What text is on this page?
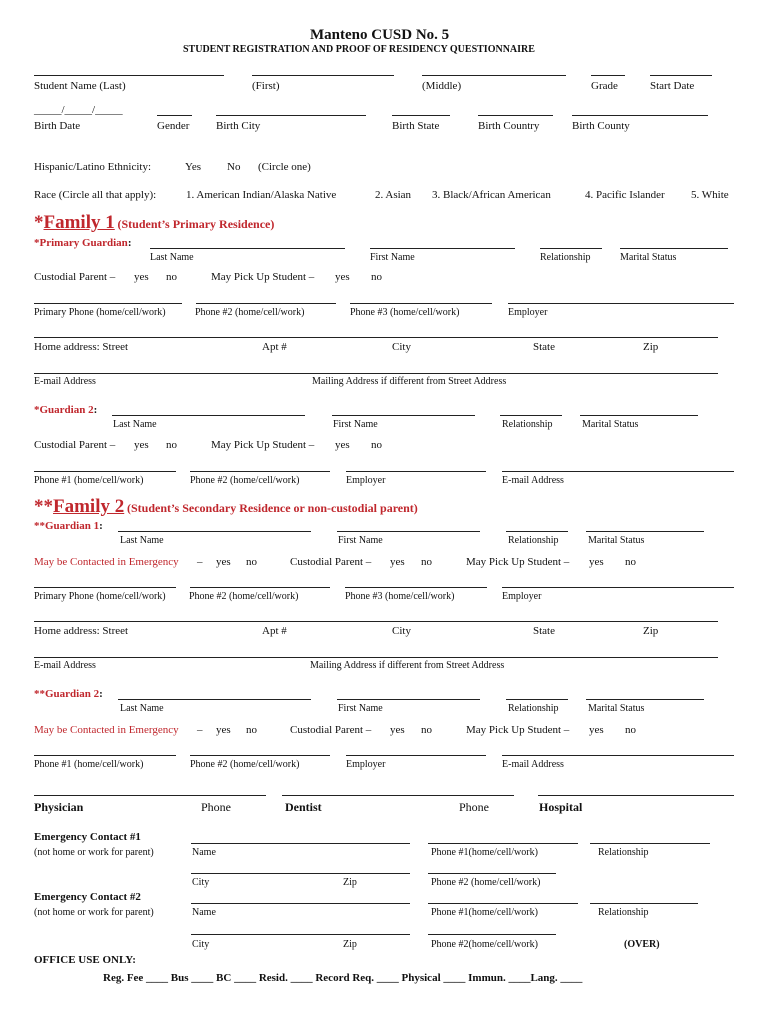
Manteno CUSD No. 5
STUDENT REGISTRATION AND PROOF OF RESIDENCY QUESTIONNAIRE
Student Name (Last)	(First)	(Middle)	Grade	Start Date
_____/_____/_____
Birth Date	Gender Birth City	Birth State	Birth Country	Birth County
Hispanic/Latino Ethnicity:	Yes No (Circle one)
Race (Circle all that apply):	1. American Indian/Alaska Native	2. Asian 3. Black/African American	4. Pacific Islander 5. White
*Family 1 (Student’s Primary Residence)
*Primary Guardian:
Last Name	First Name	Relationship	Marital Status
Custodial Parent – yes no	May Pick Up Student – yes no
Primary Phone (home/cell/work)	Phone #2 (home/cell/work)	Phone #3 (home/cell/work)	Employer
Home address: Street	Apt #	City	State	Zip
E-mail Address	Mailing Address if different from Street Address
*Guardian 2:
Last Name	First Name	Relationship	Marital Status
Custodial Parent – yes no	May Pick Up Student – yes no
Phone #1 (home/cell/work)	Phone #2 (home/cell/work)	Employer	E-mail Address
**Family 2 (Student’s Secondary Residence or non-custodial parent)
**Guardian 1:
Last Name	First Name	Relationship	Marital Status
May be Contacted in Emergency – yes no	Custodial Parent – yes no	May Pick Up Student – yes no
Primary Phone (home/cell/work) Phone #2 (home/cell/work)	Phone #3 (home/cell/work)	Employer
Home address: Street	Apt #	City	State	Zip
E-mail Address	Mailing Address if different from Street Address
**Guardian 2:
Last Name	First Name	Relationship	Marital Status
May be Contacted in Emergency – yes no	Custodial Parent – yes no	May Pick Up Student – yes no
Phone #1 (home/cell/work)	Phone #2 (home/cell/work)	Employer	E-mail Address
Physician	Phone	Dentist	Phone	Hospital
Emergency Contact #1
(not home or work for parent)	Name	Phone #1(home/cell/work)	Relationship
City	Zip	Phone #2 (home/cell/work)
Emergency Contact #2
(not home or work for parent)	Name	Phone #1(home/cell/work)	Relationship
City	Zip	Phone #2(home/cell/work)	(OVER)
OFFICE USE ONLY:
Reg. Fee ____ Bus ____ BC ____ Resid. ____ Record Req. ____ Physical ____ Immun. ____Lang. ____
